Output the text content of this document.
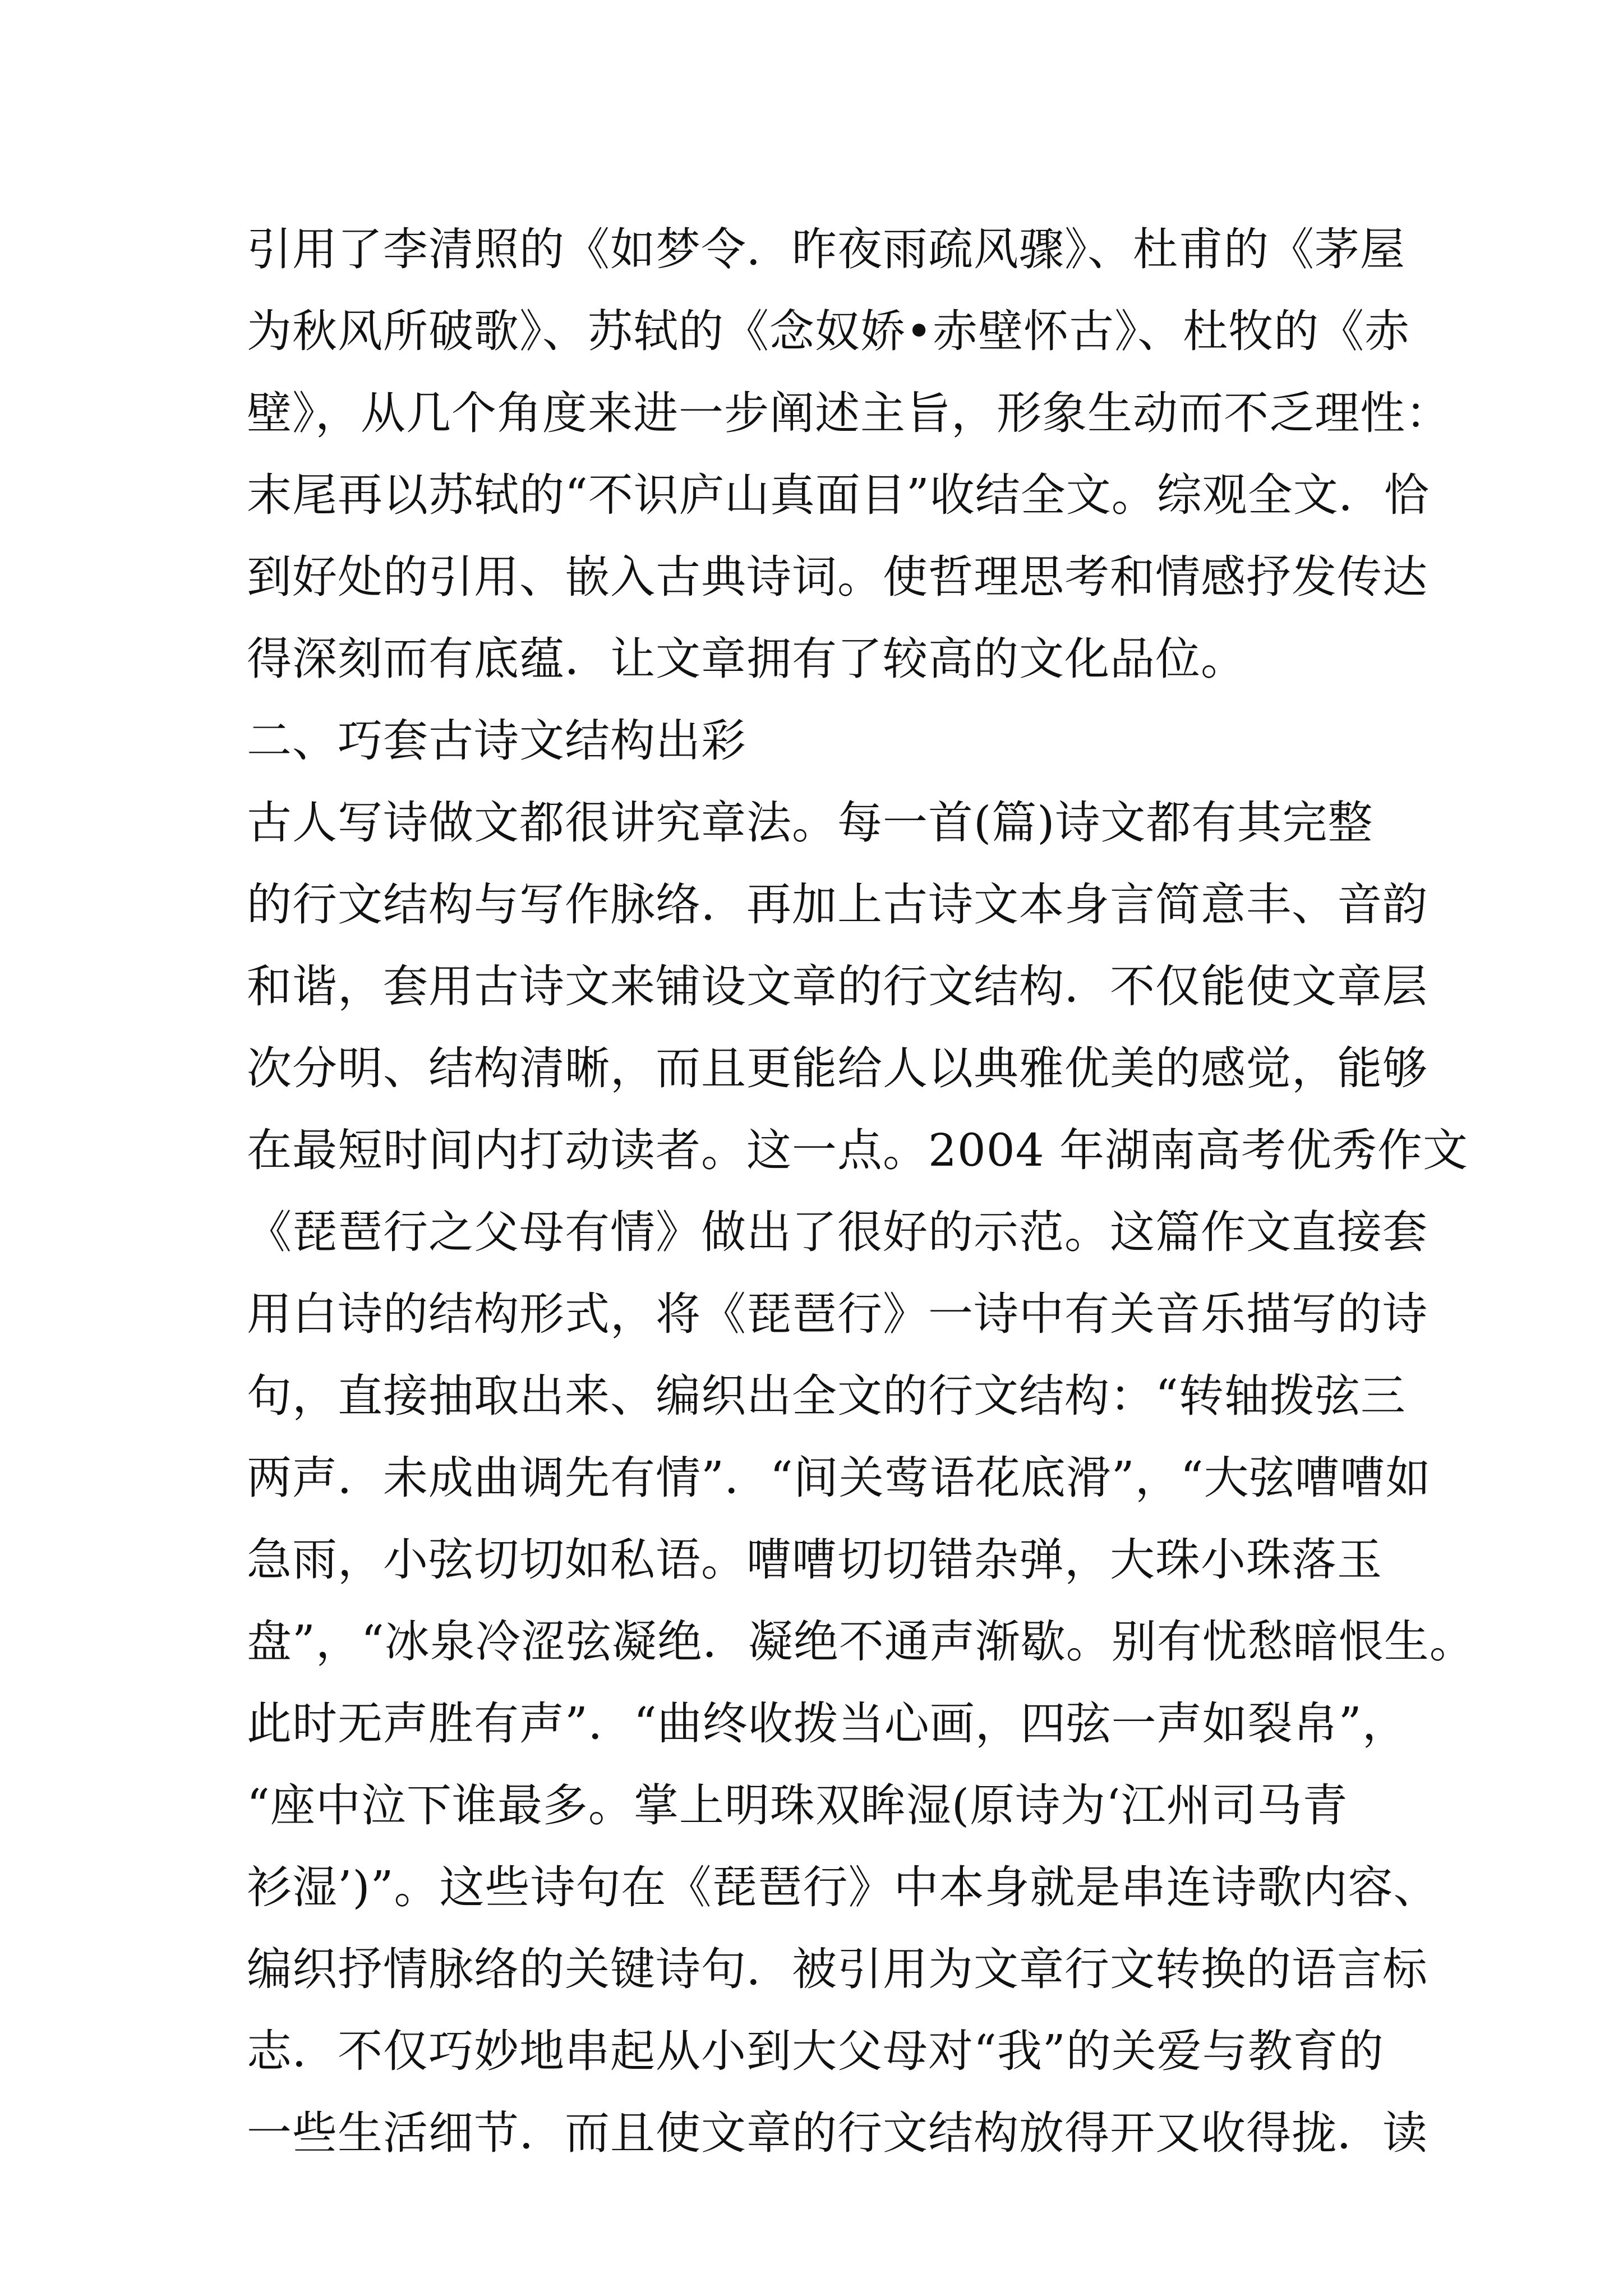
引用了李清照的《如梦令．昨夜雨疏风骤》、杜甫的《茅屋
为秋风所破歌》、苏轼的《念奴娇•赤壁怀古》、杜牧的《赤
壁》，从几个角度来进一步阐述主旨，形象生动而不乏理性：
末尾再以苏轼的“不识庐山真面目”收结全文。综观全文．恰
到好处的引用、嵌入古典诗词。使哲理思考和情感抒发传达
得深刻而有底蕴．让文章拥有了较高的文化品位。
二、巧套古诗文结构出彩
古人写诗做文都很讲究章法。每一首(篇)诗文都有其完整
的行文结构与写作脉络．再加上古诗文本身言简意丰、音韵
和谐，套用古诗文来铺设文章的行文结构．不仅能使文章层
次分明、结构清晰，而且更能给人以典雅优美的感觉，能够
在最短时间内打动读者。这一点。2004 年湖南高考优秀作文
《琵琶行之父母有情》做出了很好的示范。这篇作文直接套
用白诗的结构形式，将《琵琶行》一诗中有关音乐描写的诗
句，直接抽取出来、编织出全文的行文结构：“转轴拨弦三
两声．未成曲调先有情”．“间关莺语花底滑”，“大弦嘈嘈如
急雨，小弦切切如私语。嘈嘈切切错杂弹，大珠小珠落玉
盘”，“冰泉冷涩弦凝绝．凝绝不通声渐歇。别有忧愁暗恨生。
此时无声胜有声”．“曲终收拨当心画，四弦一声如裂帛”，
“座中泣下谁最多。掌上明珠双眸湿(原诗为‘江州司马青
衫湿’)”。这些诗句在《琵琶行》中本身就是串连诗歌内容、
编织抒情脉络的关键诗句．被引用为文章行文转换的语言标
志．不仅巧妙地串起从小到大父母对“我”的关爱与教育的
一些生活细节．而且使文章的行文结构放得开又收得拢．读
